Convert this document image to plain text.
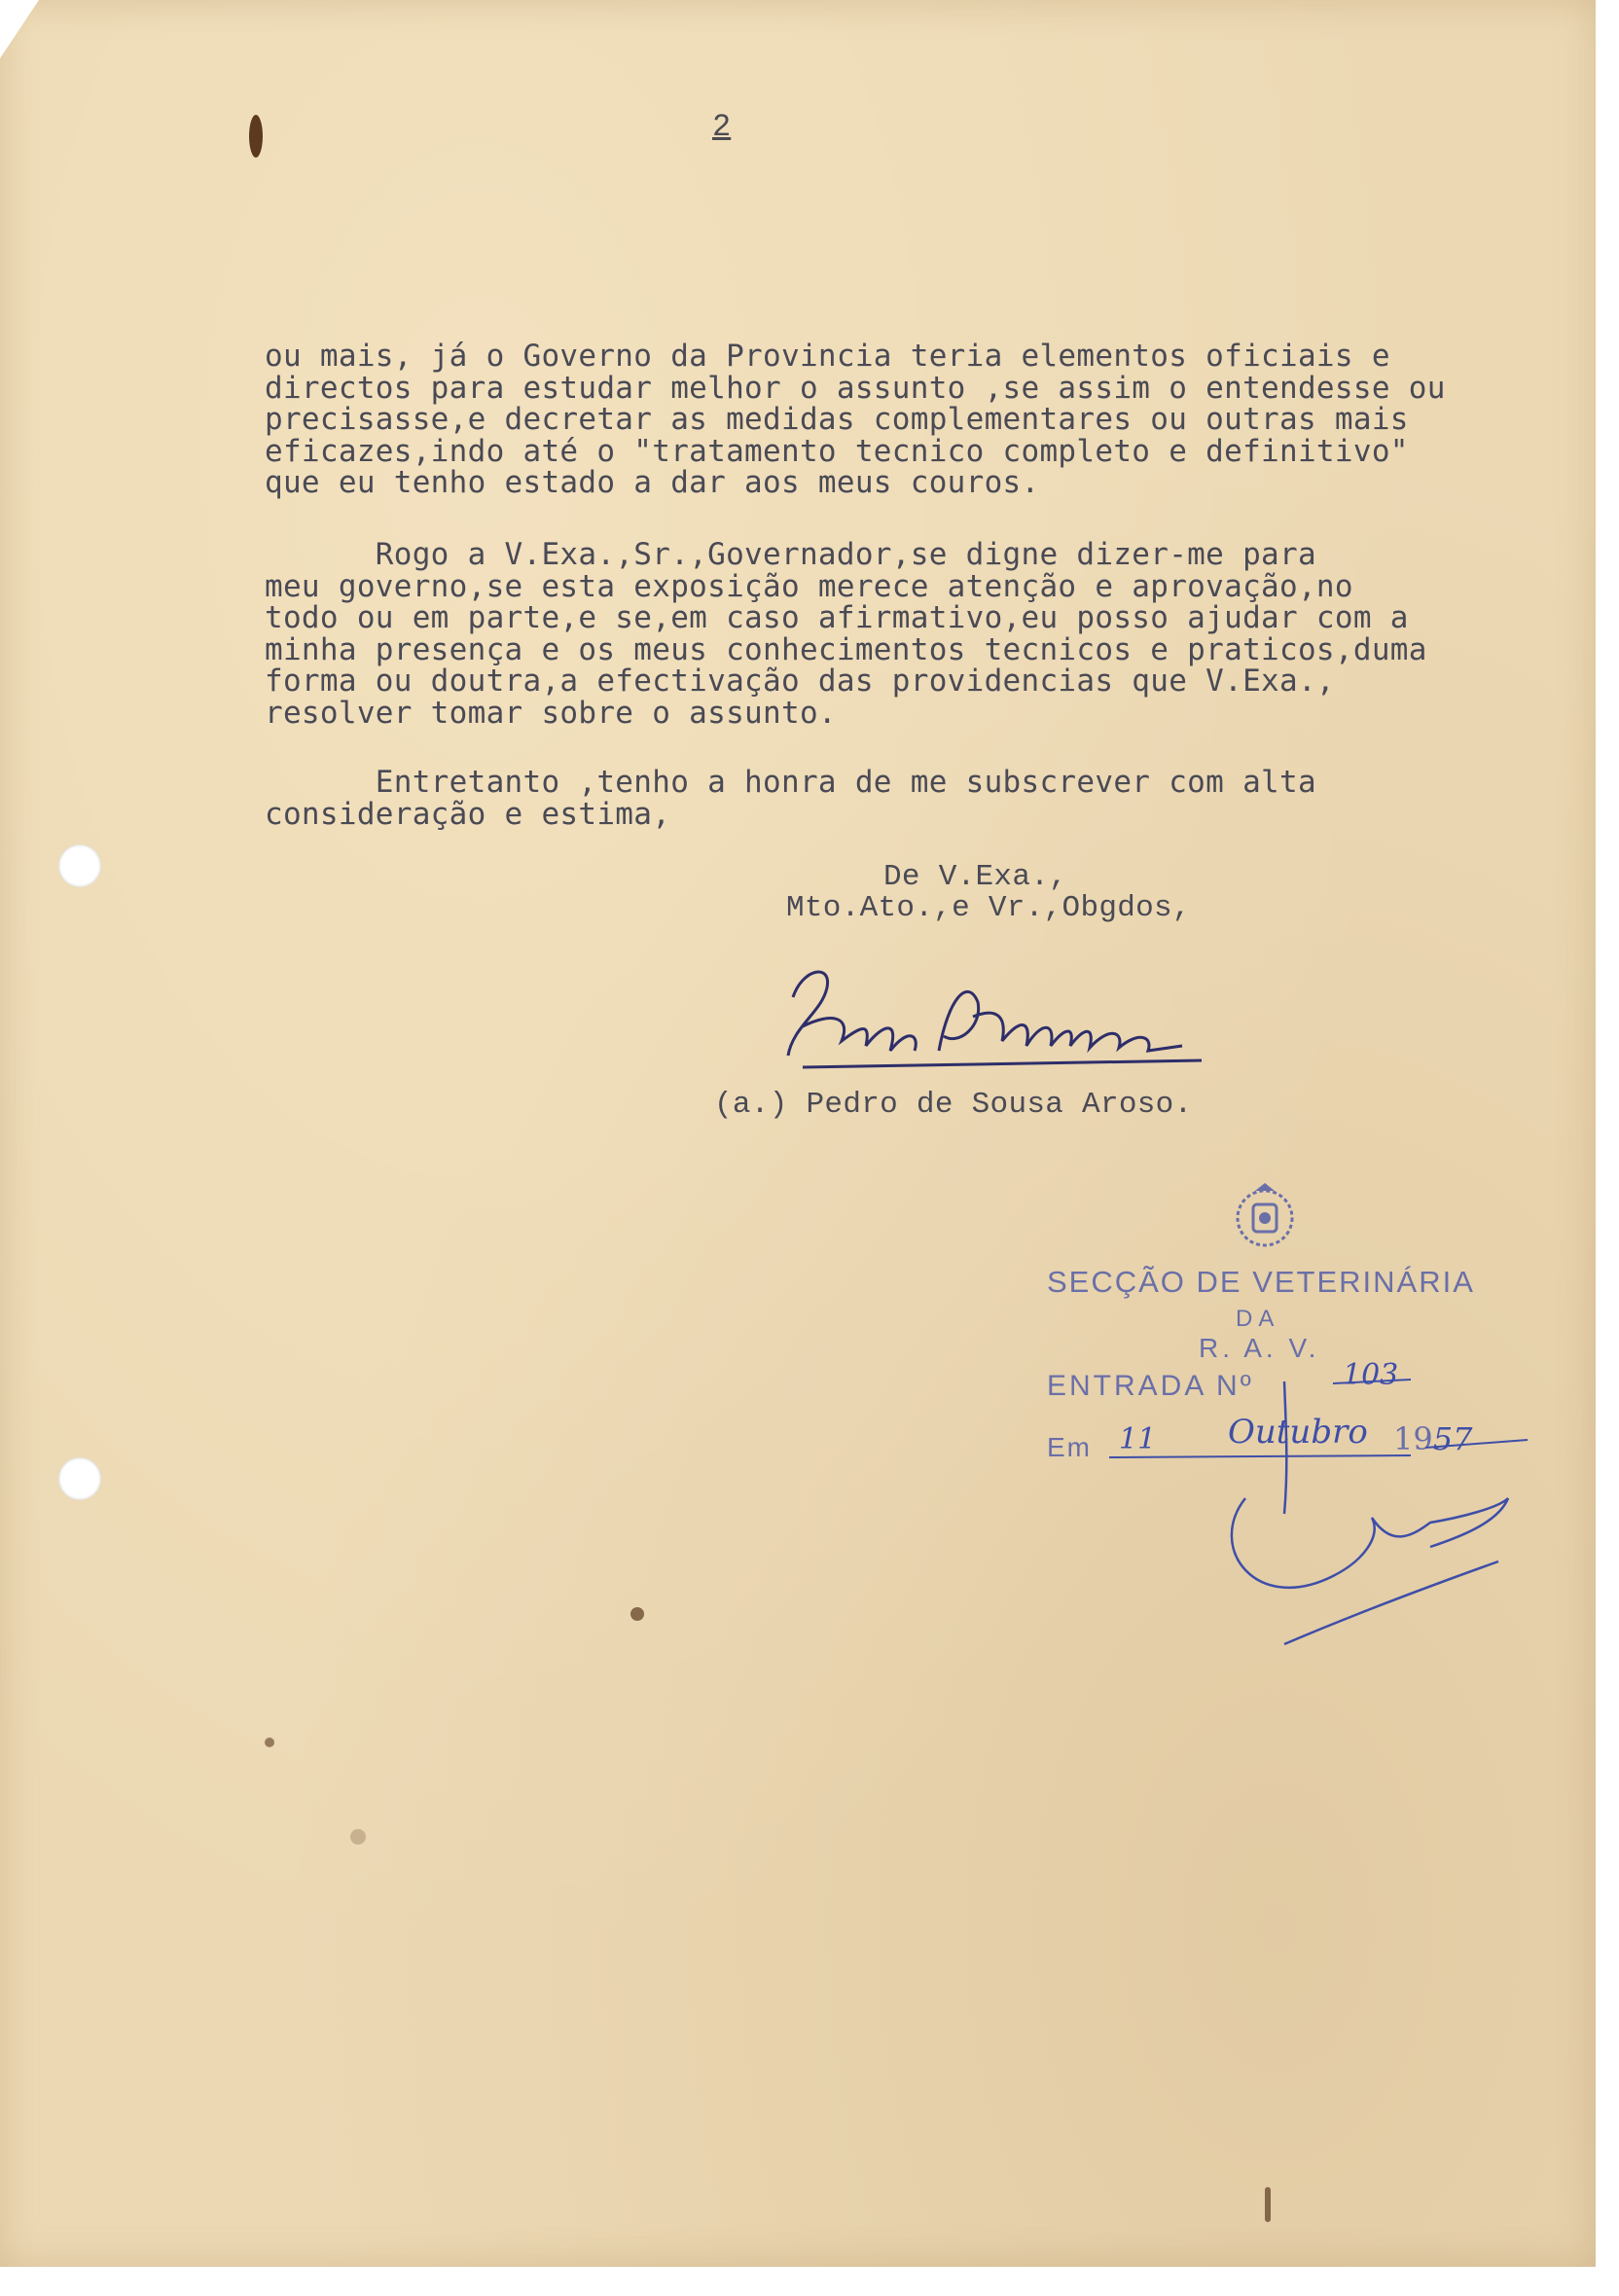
2
ou mais, já o Governo da Provincia teria elementos oficiais e
directos para estudar melhor o assunto ,se assim o entendesse ou
precisasse,e decretar as medidas complementares ou outras mais
eficazes,indo até o "tratamento tecnico completo e definitivo"
que eu tenho estado a dar aos meus couros.
Rogo a V.Exa.,Sr.,Governador,se digne dizer-me para
meu governo,se esta exposição merece atenção e aprovação,no
todo ou em parte,e se,em caso afirmativo,eu posso ajudar com a
minha presença e os meus conhecimentos tecnicos e praticos,duma
forma ou doutra,a efectivação das providencias que V.Exa.,
resolver tomar sobre o assunto.
Entretanto ,tenho a honra de me subscrever com alta
consideração e estima,
De V.Exa.,
Mto.Ato.,e Vr.,Obgdos,
(a.) Pedro de Sousa Aroso.
SECÇÃO DE VETERINÁRIA
DA
R. A. V.
ENTRADA Nº	103
Em 11 Outubro 1957
